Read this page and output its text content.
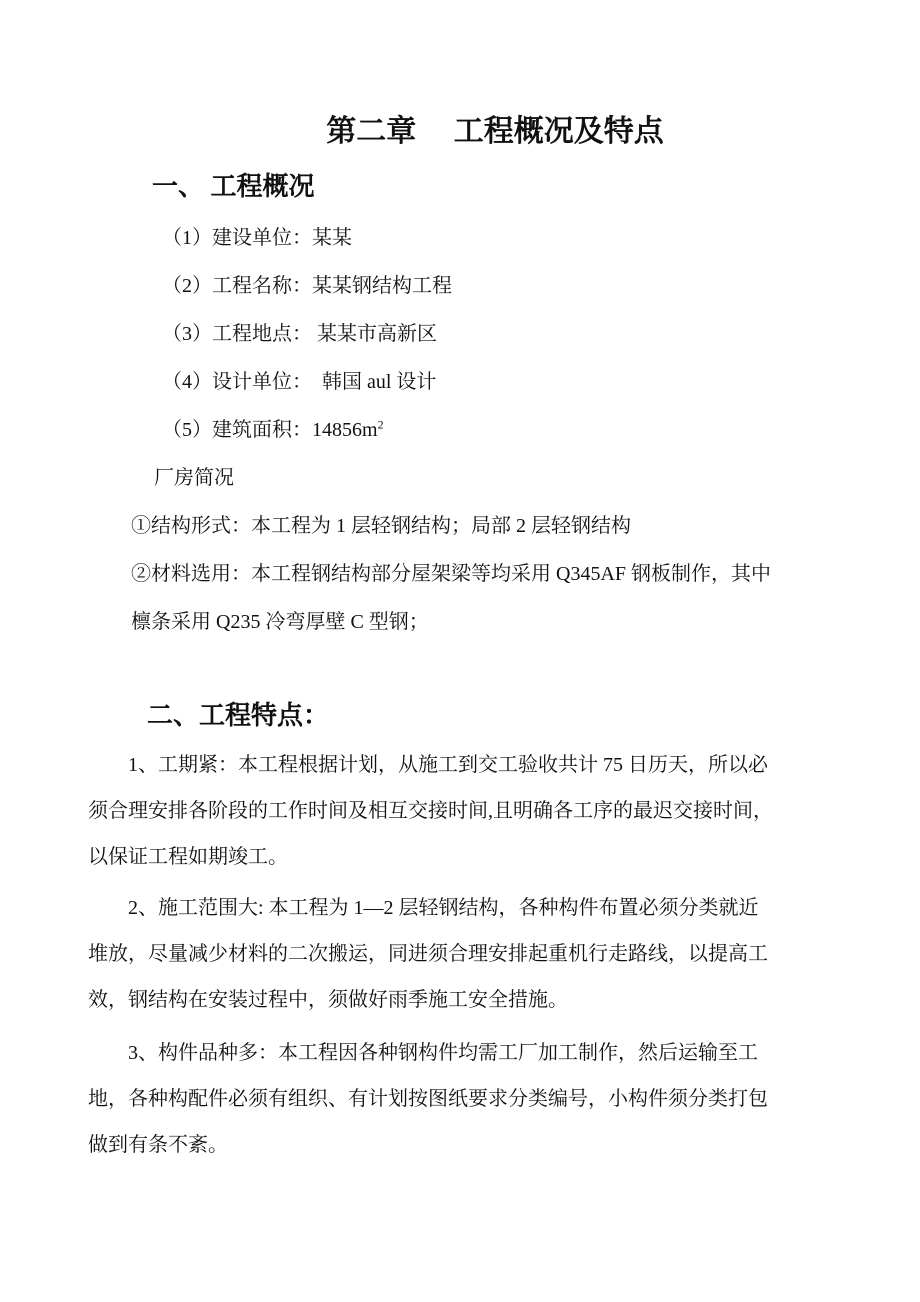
第二章　 工程概况及特点
一、 工程概况
（1）建设单位：某某
（2）工程名称：某某钢结构工程
（3）工程地点： 某某市高新区
（4）设计单位：  韩国 aul 设计
（5）建筑面积：$14856m^2$
厂房简况
①结构形式：本工程为 1 层轻钢结构；局部 2 层轻钢结构
②材料选用：本工程钢结构部分屋架梁等均采用 Q345AF 钢板制作，其中
檩条采用 Q235 冷弯厚壁 C 型钢；
二、工程特点：
1、工期紧：本工程根据计划，从施工到交工验收共计 75 日历天，所以必
须合理安排各阶段的工作时间及相互交接时间,且明确各工序的最迟交接时间，
以保证工程如期竣工。
2、施工范围大: 本工程为 1—2 层轻钢结构，各种构件布置必须分类就近
堆放，尽量减少材料的二次搬运，同进须合理安排起重机行走路线，以提高工
效，钢结构在安装过程中，须做好雨季施工安全措施。
3、构件品种多：本工程因各种钢构件均需工厂加工制作，然后运输至工
地，各种构配件必须有组织、有计划按图纸要求分类编号，小构件须分类打包
做到有条不紊。
